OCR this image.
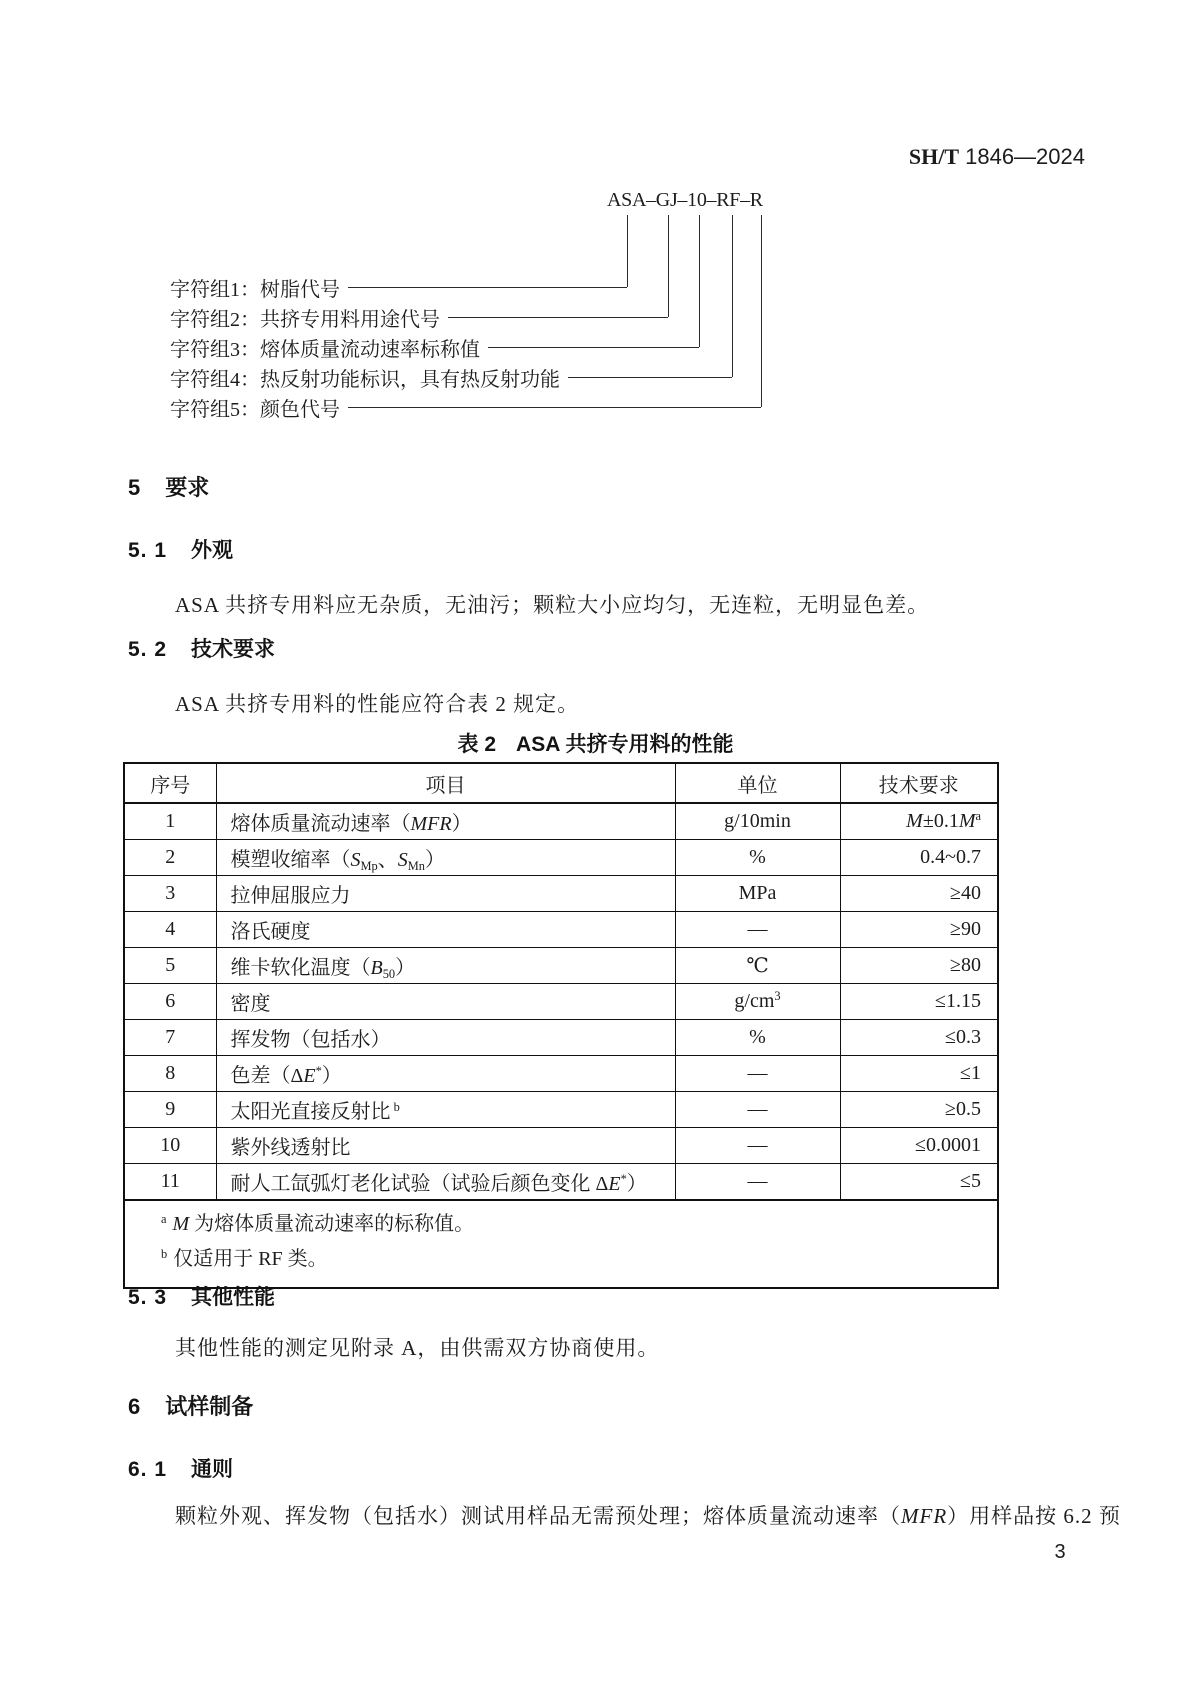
SH/T 1846—2024
ASA–GJ–10–RF–R
字符组1：树脂代号
字符组2：共挤专用料用途代号
字符组3：熔体质量流动速率标称值
字符组4：热反射功能标识，具有热反射功能
字符组5：颜色代号
5 要求
5. 1 外观
ASA 共挤专用料应无杂质，无油污；颗粒大小应均匀，无连粒，无明显色差。
5. 2 技术要求
ASA 共挤专用料的性能应符合表 2 规定。
表 2 ASA 共挤专用料的性能
序号	项目	单位	技术要求
1	熔体质量流动速率（MFR）	g/10min	$M\pm 0.1M^a$
2	模塑收缩率（$S_{Mp}$、$S_{Mn}$）	%	0.4~0.7
3	拉伸屈服应力	MPa	≥40
4	洛氏硬度	—	≥90
5	维卡软化温度$(B_{50})$	℃	≥80
6	密度	$g/cm^3$	≤1.15
7	挥发物（包括水）	%	≤0.3
8	色差（ΔE*）	—	≤1
9	太阳光直接反射比 $^b$	—	≥0.5
10	紫外线透射比	—	≤0.0001
11	耐人工氙弧灯老化试验（试验后颜色变化 ΔE*）	—	≤5

$^a$ M 为熔体质量流动速率的标称值。
$^b$ 仅适用于 RF 类。			
5. 3 其他性能
其他性能的测定见附录 A，由供需双方协商使用。
6 试样制备
6. 1 通则
颗粒外观、挥发物（包括水）测试用样品无需预处理；熔体质量流动速率（MFR）用样品按 6.2 预
3
